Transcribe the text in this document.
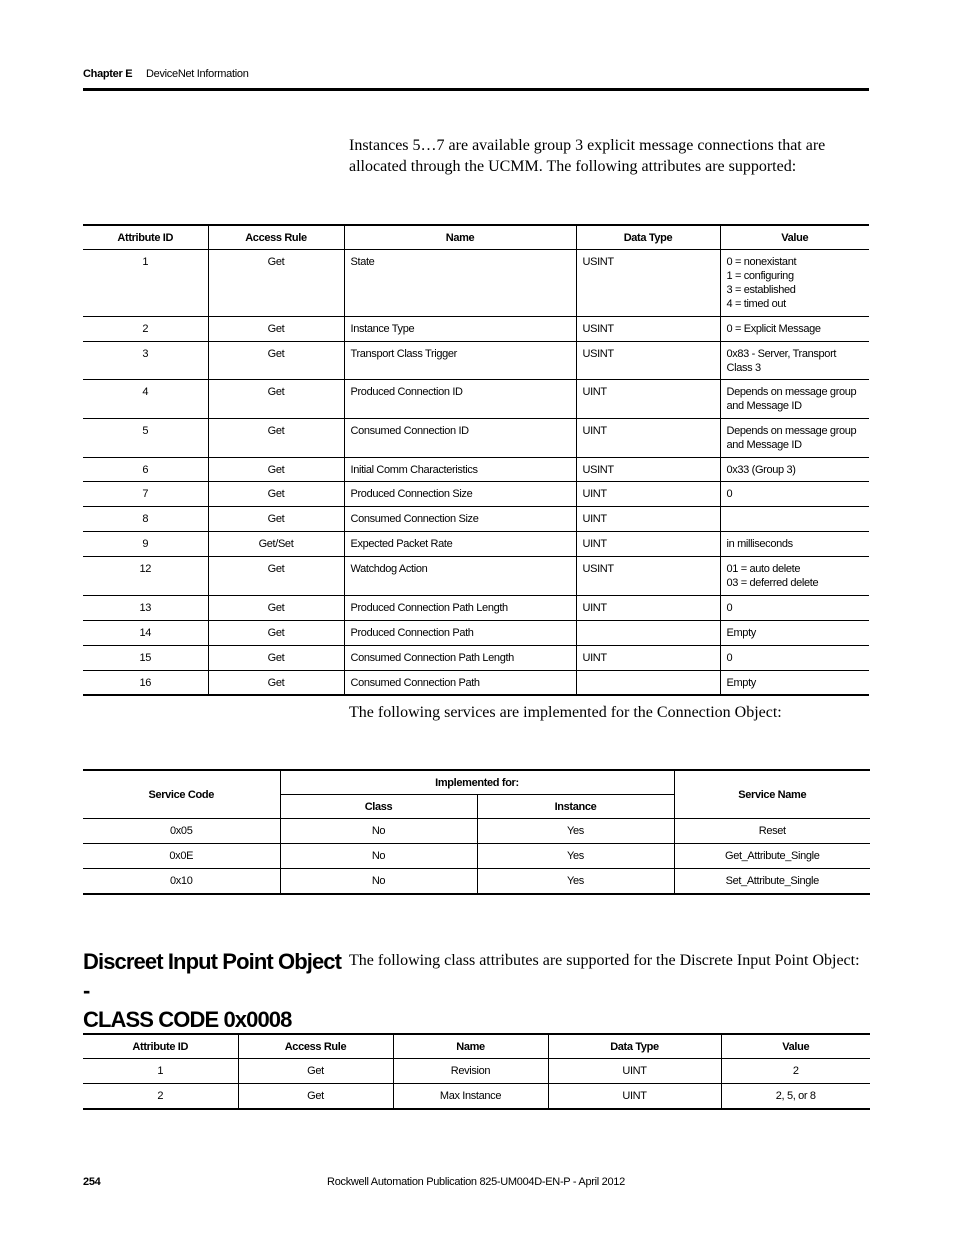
Chapter E DeviceNet Information
Instances 5…7 are available group 3 explicit message connections that are allocated through the UCMM. The following attributes are supported:
Attribute ID	Access Rule	Name	Data Type	Value
1	Get	State	USINT	0 = nonexistant
1 = configuring
3 = established
4 = timed out

2	Get	Instance Type	USINT	0 = Explicit Message

3	Get	Transport Class Trigger	USINT	0x83 - Server, Transport Class 3

4	Get	Produced Connection ID	UINT	Depends on message group
and Message ID

5	Get	Consumed Connection ID	UINT	Depends on message group
and Message ID

6	Get	Initial Comm Characteristics	USINT	0x33 (Group 3)

7	Get	Produced Connection Size	UINT	0

8	Get	Consumed Connection Size	UINT	

9	Get/Set	Expected Packet Rate	UINT	in milliseconds

12	Get	Watchdog Action	USINT	01 = auto delete
03 = deferred delete

13	Get	Produced Connection Path Length	UINT	0

14	Get	Produced Connection Path		Empty

15	Get	Consumed Connection Path Length	UINT	0

16	Get	Consumed Connection Path		Empty
The following services are implemented for the Connection Object:
Service Code	Implemented for:		Service Name
	Class	Instance	
0x05	No	Yes	Reset
0x0E	No	Yes	Get_Attribute_Single
0x10	No	Yes	Set_Attribute_Single
Discreet Input Point Object -
CLASS CODE 0x0008
The following class attributes are supported for the Discrete Input Point Object:
Attribute ID	Access Rule	Name	Data Type	Value
1	Get	Revision	UINT	2
2	Get	Max Instance	UINT	2, 5, or 8
254	Rockwell Automation Publication 825-UM004D-EN-P - April 2012
